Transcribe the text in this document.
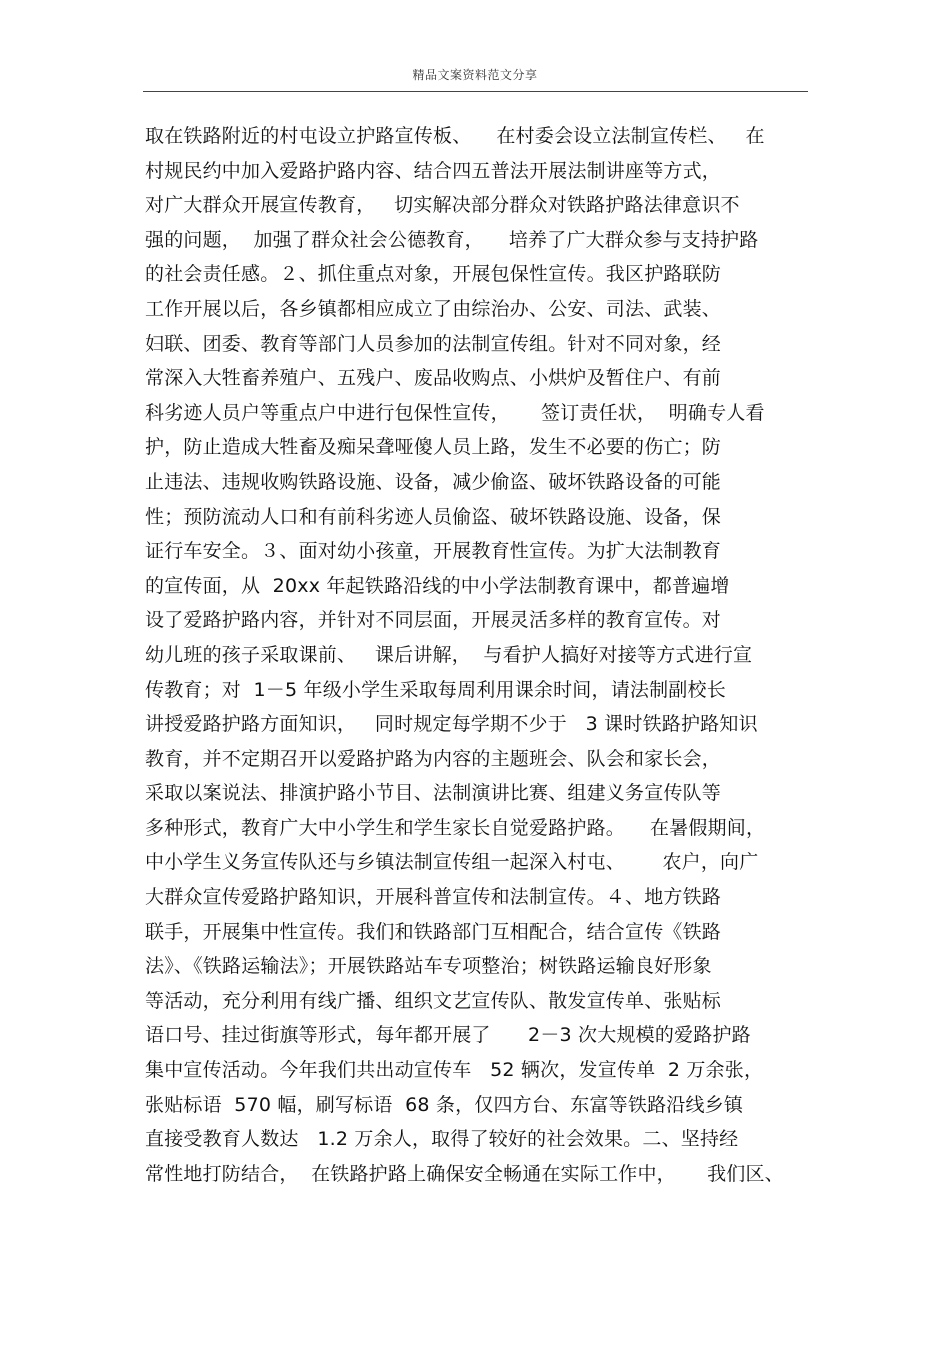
精品文案资料范文分享
取在铁路附近的村屯设立护路宣传板、    在村委会设立法制宣传栏、   在
村规民约中加入爱路护路内容、结合四五普法开展法制讲座等方式，
对广大群众开展宣传教育，   切实解决部分群众对铁路护路法律意识不
强的问题，  加强了群众社会公德教育，    培养了广大群众参与支持护路
的社会责任感。２、抓住重点对象，开展包保性宣传。我区护路联防
工作开展以后，各乡镇都相应成立了由综治办、公安、司法、武装、
妇联、团委、教育等部门人员参加的法制宣传组。针对不同对象，经
常深入大牲畜养殖户、五残户、废品收购点、小烘炉及暂住户、有前
科劣迹人员户等重点户中进行包保性宣传，     签订责任状，  明确专人看
护，防止造成大牲畜及痴呆聋哑傻人员上路，发生不必要的伤亡；防
止违法、违规收购铁路设施、设备，减少偷盗、破坏铁路设备的可能
性；预防流动人口和有前科劣迹人员偷盗、破坏铁路设施、设备，保
证行车安全。３、面对幼小孩童，开展教育性宣传。为扩大法制教育
的宣传面，从  20xx 年起铁路沿线的中小学法制教育课中，都普遍增
设了爱路护路内容，并针对不同层面，开展灵活多样的教育宣传。对
幼儿班的孩子采取课前、   课后讲解，  与看护人搞好对接等方式进行宣
传教育；对  1－5 年级小学生采取每周利用课余时间，请法制副校长
讲授爱路护路方面知识，   同时规定每学期不少于   3 课时铁路护路知识
教育，并不定期召开以爱路护路为内容的主题班会、队会和家长会，
采取以案说法、排演护路小节目、法制演讲比赛、组建义务宣传队等
多种形式，教育广大中小学生和学生家长自觉爱路护路。    在暑假期间，
中小学生义务宣传队还与乡镇法制宣传组一起深入村屯、      农户，向广
大群众宣传爱路护路知识，开展科普宣传和法制宣传。４、地方铁路
联手，开展集中性宣传。我们和铁路部门互相配合，结合宣传《铁路
法》、《铁路运输法》；开展铁路站车专项整治；树铁路运输良好形象
等活动，充分利用有线广播、组织文艺宣传队、散发宣传单、张贴标
语口号、挂过街旗等形式，每年都开展了      2－3 次大规模的爱路护路
集中宣传活动。今年我们共出动宣传车   52 辆次，发宣传单  2 万余张，
张贴标语  570 幅，刷写标语  68 条，仅四方台、东富等铁路沿线乡镇
直接受教育人数达   1.2 万余人，取得了较好的社会效果。二、坚持经
常性地打防结合，  在铁路护路上确保安全畅通在实际工作中，     我们区、
